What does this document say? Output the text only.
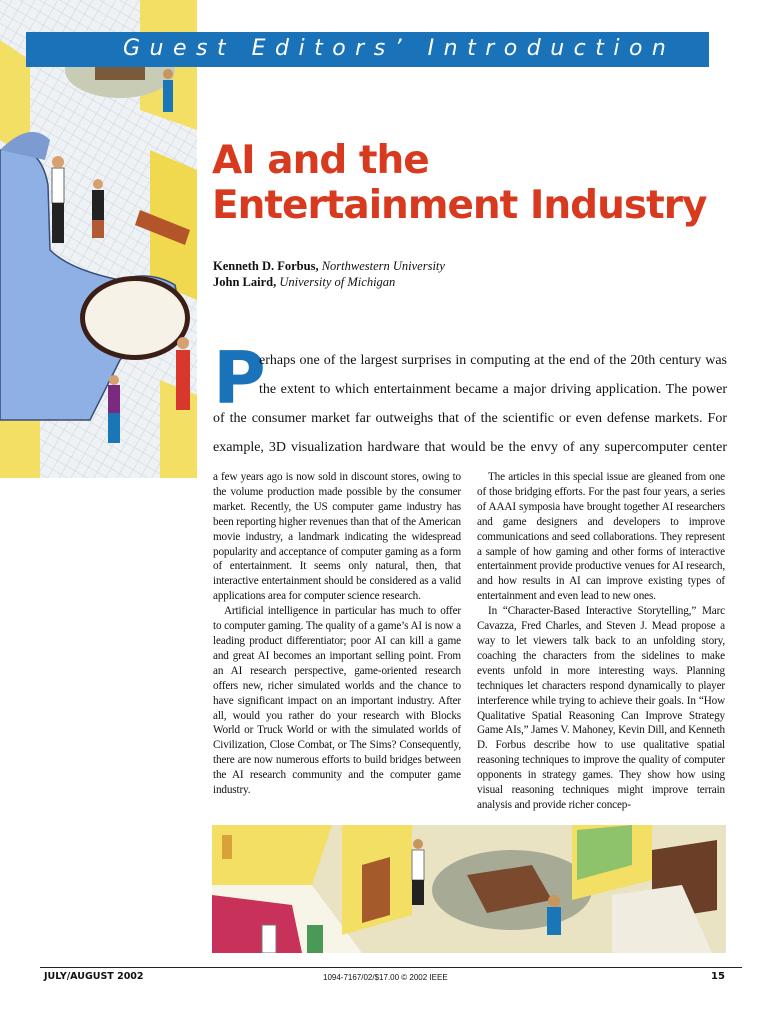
Guest Editors’ Introduction
AI and the
Entertainment Industry
Kenneth D. Forbus, Northwestern University
John Laird, University of Michigan
P
erhaps one of the largest surprises in computing at the end of the 20th century was
the extent to which entertainment became a major driving application. The power
of the consumer market far outweighs that of the scientific or even defense markets. For
example, 3D visualization hardware that would be the envy of any supercomputer center

a few years ago is now sold in discount stores, owing to the volume production made possible by the consumer market. Recently, the US computer game industry has been reporting higher revenues than that of the American movie industry, a landmark indicating the widespread popularity and acceptance of computer gaming as a form of entertainment. It seems only natural, then, that interactive entertainment should be considered as a valid applications area for computer science research.

Artificial intelligence in particular has much to offer to computer gaming. The quality of a game’s AI is now a leading product differentiator; poor AI can kill a game and great AI becomes an important selling point. From an AI research perspective, game-oriented research offers new, richer simulated worlds and the chance to have significant impact on an important industry. After all, would you rather do your research with Blocks World or Truck World or with the simulated worlds of Civilization, Close Combat, or The Sims? Consequently, there are now numerous efforts to build bridges between the AI research community and the computer game industry.

The articles in this special issue are gleaned from one of those bridging efforts. For the past four years, a series of AAAI symposia have brought together AI researchers and game designers and developers to improve communications and seed collaborations. They represent a sample of how gaming and other forms of interactive entertainment provide productive venues for AI research, and how results in AI can improve existing types of entertainment and even lead to new ones.

In “Character-Based Interactive Storytelling,” Marc Cavazza, Fred Charles, and Steven J. Mead propose a way to let viewers talk back to an unfolding story, coaching the characters from the sidelines to make events unfold in more interesting ways. Planning techniques let characters respond dynamically to player interference while trying to achieve their goals. In “How Qualitative Spatial Reasoning Can Improve Strategy Game AIs,” James V. Mahoney, Kevin Dill, and Kenneth D. Forbus describe how to use qualitative spatial reasoning techniques to improve the quality of computer opponents in strategy games. They show how using visual reasoning techniques might improve terrain analysis and provide richer concep-

JULY/AUGUST 2002	1094-7167/02/$17.00 © 2002 IEEE	15
